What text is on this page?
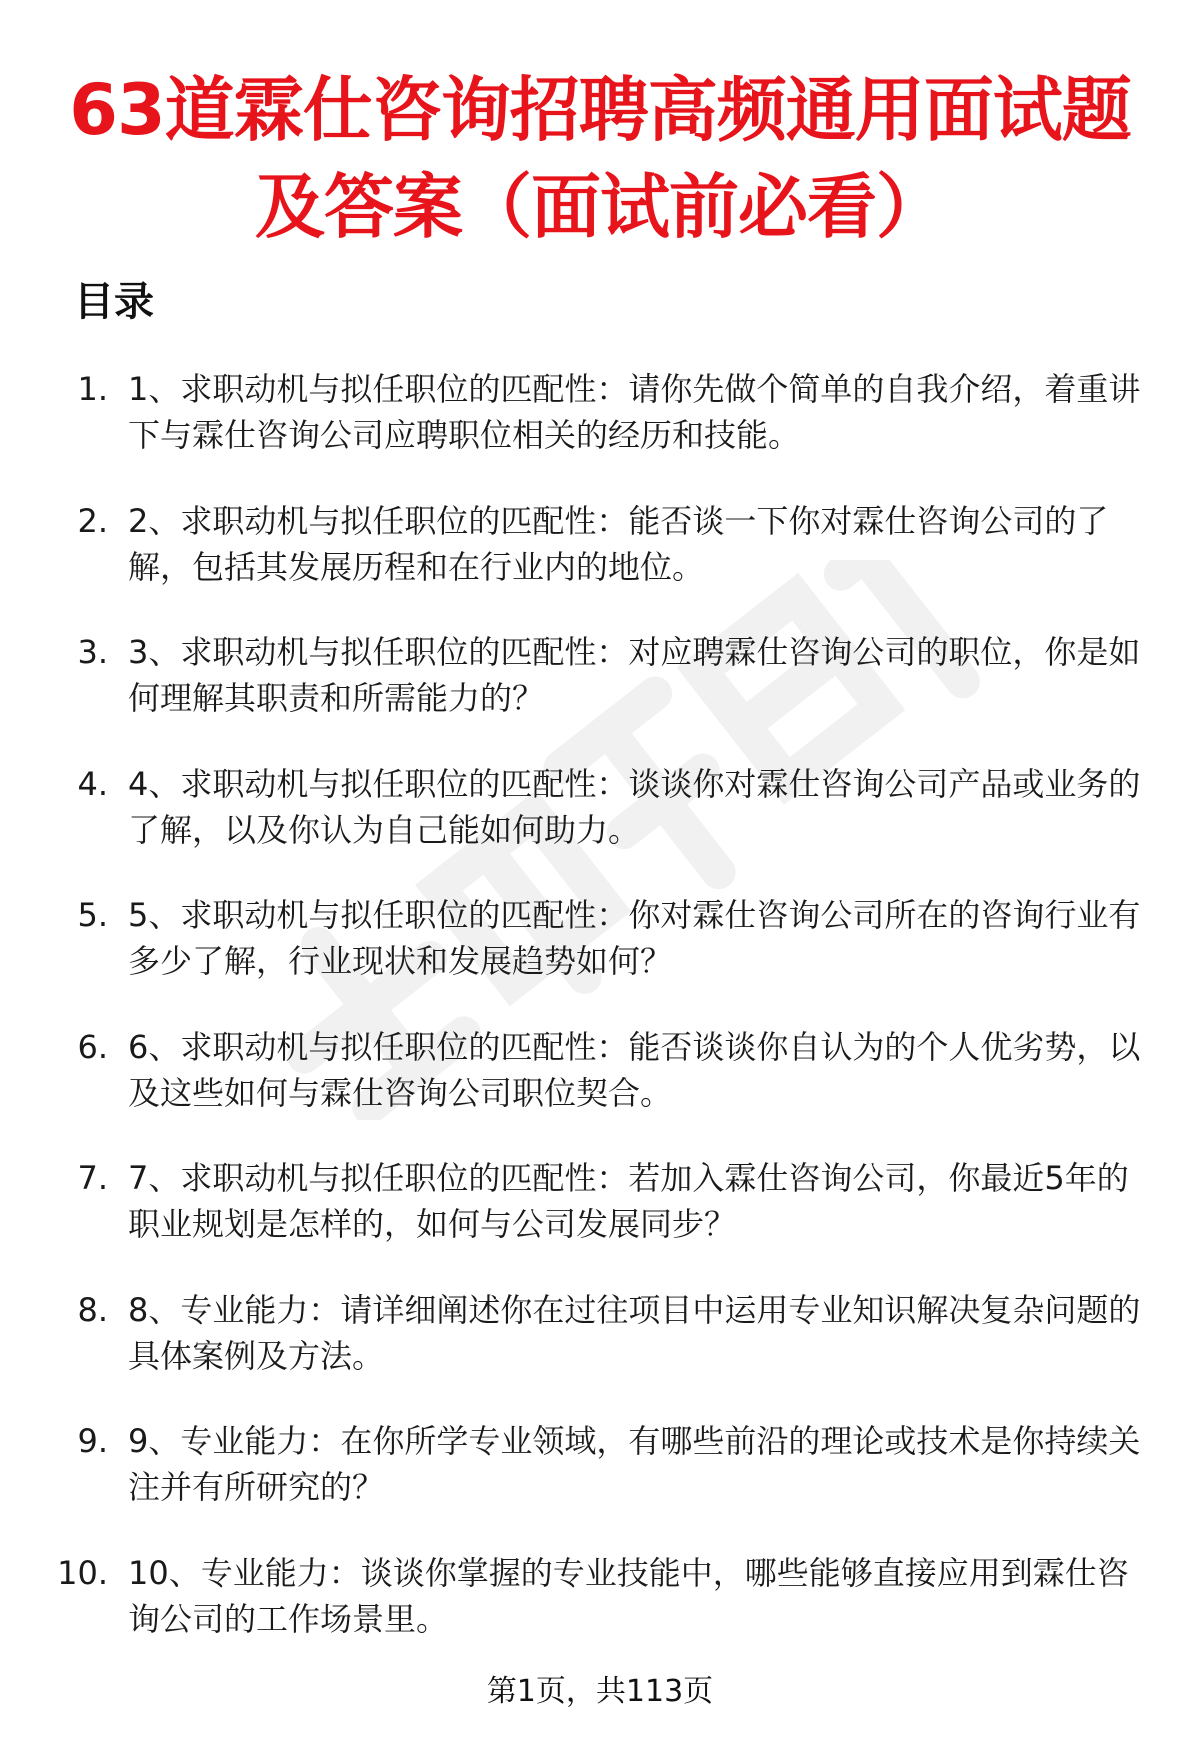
63道霖仕咨询招聘高频通用面试题
及答案（面试前必看）
目录
1. 1、求职动机与拟任职位的匹配性：请你先做个简单的自我介绍，着重讲下与霖仕咨询公司应聘职位相关的经历和技能。
2. 2、求职动机与拟任职位的匹配性：能否谈一下你对霖仕咨询公司的了解，包括其发展历程和在行业内的地位。
3. 3、求职动机与拟任职位的匹配性：对应聘霖仕咨询公司的职位，你是如何理解其职责和所需能力的？
4. 4、求职动机与拟任职位的匹配性：谈谈你对霖仕咨询公司产品或业务的了解，以及你认为自己能如何助力。
5. 5、求职动机与拟任职位的匹配性：你对霖仕咨询公司所在的咨询行业有多少了解，行业现状和发展趋势如何？
6. 6、求职动机与拟任职位的匹配性：能否谈谈你自认为的个人优劣势，以及这些如何与霖仕咨询公司职位契合。
7. 7、求职动机与拟任职位的匹配性：若加入霖仕咨询公司，你最近5年的职业规划是怎样的，如何与公司发展同步？
8. 8、专业能力：请详细阐述你在过往项目中运用专业知识解决复杂问题的具体案例及方法。
9. 9、专业能力：在你所学专业领域，有哪些前沿的理论或技术是你持续关注并有所研究的？
10. 10、专业能力：谈谈你掌握的专业技能中，哪些能够直接应用到霖仕咨询公司的工作场景里。
第1页，共113页
